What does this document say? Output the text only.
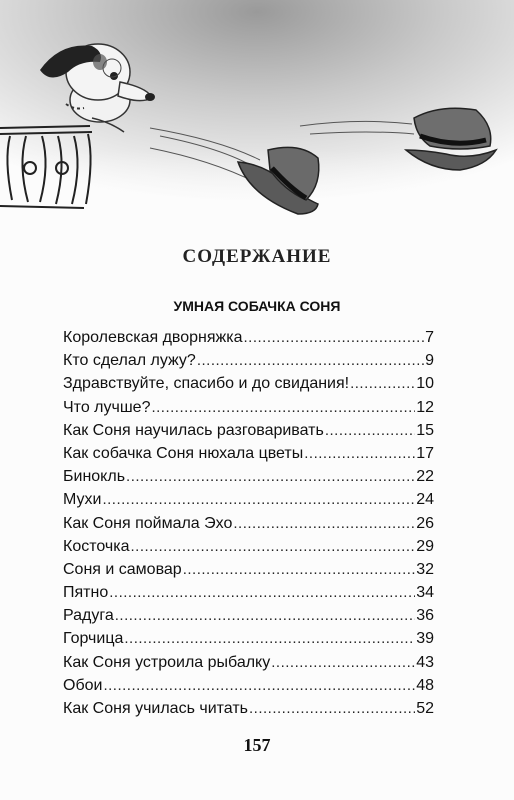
СОДЕРЖАНИЕ
УМНАЯ СОБАЧКА СОНЯ
Королевская дворняжка .....	7
Кто сделал лужу? .....	9
Здравствуйте, спасибо и до свидания! .....	10
Что лучше? .....	12
Как Соня научилась разговаривать .....	15
Как собачка Соня нюхала цветы .....	17
Бинокль .....	22
Мухи .....	24
Как Соня поймала Эхо .....	26
Косточка .....	29
Соня и самовар .....	32
Пятно .....	34
Радуга .....	36
Горчица .....	39
Как Соня устроила рыбалку .....	43
Обои .....	48
Как Соня училась читать .....	52
157
